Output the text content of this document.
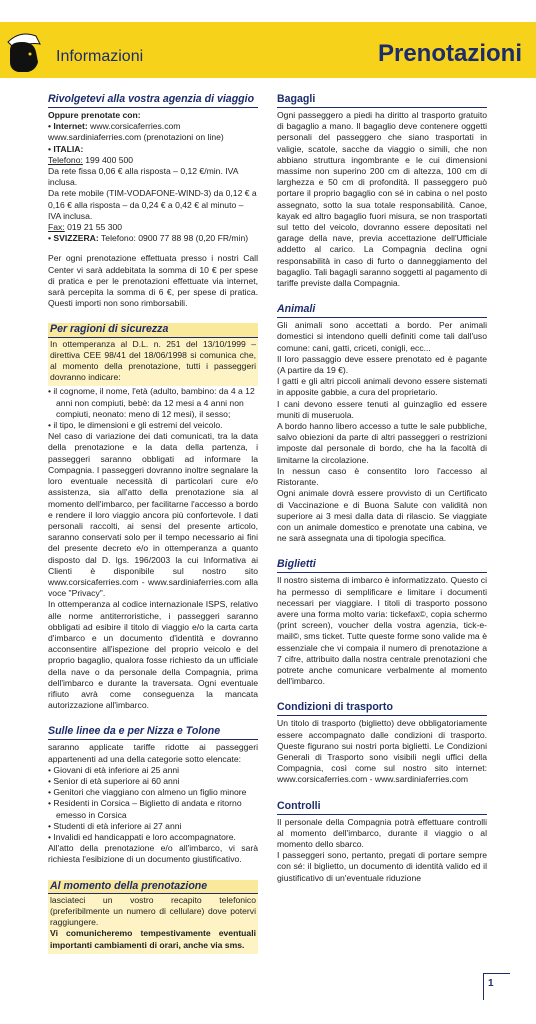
Informazioni	Prenotazioni
Rivolgetevi alla vostra agenzia di viaggio

Oppure prenotate con:

• Internet: www.corsicaferries.com

www.sardiniaferries.com (prenotazioni on line)

• ITALIA:

Telefono: 199 400 500

Da rete fissa 0,06 € alla risposta – 0,12 €/min. IVA inclusa.

Da rete mobile (TIM-VODAFONE-WIND-3) da 0,12 € a 0,16 € alla risposta – da 0,24 € a 0,42 € al minuto – IVA inclusa.

Fax: 019 21 55 300

• SVIZZERA: Telefono: 0900 77 88 98 (0,20 FR/min)

Per ogni prenotazione effettuata presso i nostri Call Center vi sarà addebitata la somma di 10 € per spese di pratica e per le prenotazioni effettuate via internet, sarà percepita la somma di 6 €, per spese di pratica. Questi importi non sono rimborsabili.

Per ragioni di sicurezza

In ottemperanza al D.L. n. 251 del 13/10/1999 – direttiva CEE 98/41 del 18/06/1998 si comunica che, al momento della prenotazione, tutti i passeggeri dovranno indicare:

• il cognome, il nome, l'età (adulto, bambino: da 4 a 12 anni non compiuti, bebè: da 12 mesi a 4 anni non compiuti, neonato: meno di 12 mesi), il sesso;

• il tipo, le dimensioni e gli estremi del veicolo.

Nel caso di variazione dei dati comunicati, tra la data della prenotazione e la data della partenza, i passeggeri saranno obbligati ad informare la Compagnia. I passeggeri dovranno inoltre segnalare la loro eventuale necessità di particolari cure e/o assistenza, sia all'atto della prenotazione sia al momento dell'imbarco, per facilitarne l'accesso a bordo e rendere il loro viaggio ancora più confortevole. I dati personali raccolti, ai sensi del presente articolo, saranno conservati solo per il tempo necessario ai fini del presente decreto e/o in ottemperanza a quanto disposto dal D. lgs. 196/2003 la cui Informativa ai Clienti è disponibile sul nostro sito www.corsicaferries.com - www.sardiniaferries.com alla voce "Privacy".

In ottemperanza al codice internazionale ISPS, relativo alle norme antiterroristiche, i passeggeri saranno obbligati ad esibire il titolo di viaggio e/o la carta carta d'imbarco e un documento d'identità e dovranno acconsentire all'ispezione del proprio veicolo e del proprio bagaglio, qualora fosse richiesto da un ufficiale della nave o da personale della Compagnia, prima dell'imbarco e durante la traversata. Ogni eventuale rifiuto avrà come conseguenza la mancata autorizzazione all'imbarco.

Sulle linee da e per Nizza e Tolone

saranno applicate tariffe ridotte ai passeggeri appartenenti ad una della categorie sotto elencate:

• Giovani di età inferiore ai 25 anni

• Senior di età superiore ai 60 anni

• Genitori che viaggiano con almeno un figlio minore

• Residenti in Corsica – Biglietto di andata e ritorno emesso in Corsica

• Studenti di età inferiore ai 27 anni

• Invalidi ed handicappati e loro accompagnatore.

All'atto della prenotazione e/o all'imbarco, vi sarà richiesta l'esibizione di un documento giustificativo.

Al momento della prenotazione

lasciateci un vostro recapito telefonico (preferibilmente un numero di cellulare) dove potervi raggiungere.

Vi comunicheremo tempestivamente eventuali importanti cambiamenti di orari, anche via sms.

Bagagli

Ogni passeggero a piedi ha diritto al trasporto gratuito di bagaglio a mano. Il bagaglio deve contenere oggetti personali del passeggero che siano trasportati in valigie, scatole, sacche da viaggio o simili, che non abbiano struttura ingombrante e le cui dimensioni massime non superino 200 cm di altezza, 100 cm di larghezza e 50 cm di profondità. Il passeggero può portare il proprio bagaglio con sé in cabina o nel posto assegnato, sotto la sua totale responsabilità. Canoe, kayak ed altro bagaglio fuori misura, se non trasportati sul tetto del veicolo, dovranno essere depositati nel garage della nave, previa accettazione dell'Ufficiale addetto al carico. La Compagnia declina ogni responsabilità in caso di furto o danneggiamento del bagaglio. Tali bagagli saranno soggetti al pagamento di tariffe previste dalla Compagnia.

Animali

Gli animali sono accettati a bordo. Per animali domestici si intendono quelli definiti come tali dall'uso comune: cani, gatti, criceti, conigli, ecc...

Il loro passaggio deve essere prenotato ed è pagante (A partire da 19 €).

I gatti e gli altri piccoli animali devono essere sistemati in apposite gabbie, a cura del proprietario.

I cani devono essere tenuti al guinzaglio ed essere muniti di museruola.

A bordo hanno libero accesso a tutte le sale pubbliche, salvo obiezioni da parte di altri passeggeri o restrizioni imposte dal personale di bordo, che ha la facoltà di limitarne la circolazione.

In nessun caso è consentito loro l'accesso al Ristorante.

Ogni animale dovrà essere provvisto di un Certificato di Vaccinazione e di Buona Salute con validità non superiore ai 3 mesi dalla data di rilascio. Se viaggiate con un animale domestico e prenotate una cabina, ve ne sarà assegnata una di tipologia specifica.

Biglietti

Il nostro sistema di imbarco è informatizzato. Questo ci ha permesso di semplificare e limitare i documenti necessari per viaggiare. I titoli di trasporto possono avere una forma molto varia: tickefax©, copia schermo (print screen), voucher della vostra agenzia, tick-e-mail©, sms ticket. Tutte queste forme sono valide ma è essenziale che vi compaia il numero di prenotazione a 7 cifre, attribuito dalla nostra centrale prenotazioni che potrete anche comunicare verbalmente al momento dell'imbarco.

Condizioni di trasporto

Un titolo di trasporto (biglietto) deve obbligatoriamente essere accompagnato dalle condizioni di trasporto. Queste figurano sui nostri porta biglietti. Le Condizioni Generali di Trasporto sono visibili negli uffici della Compagnia, così come sul nostro sito internet: www.corsicaferries.com - www.sardiniaferries.com

Controlli

Il personale della Compagnia potrà effettuare controlli al momento dell'imbarco, durante il viaggio o al momento dello sbarco.

I passeggeri sono, pertanto, pregati di portare sempre con sé: il biglietto, un documento di identità valido ed il giustificativo di un'eventuale riduzione

1
